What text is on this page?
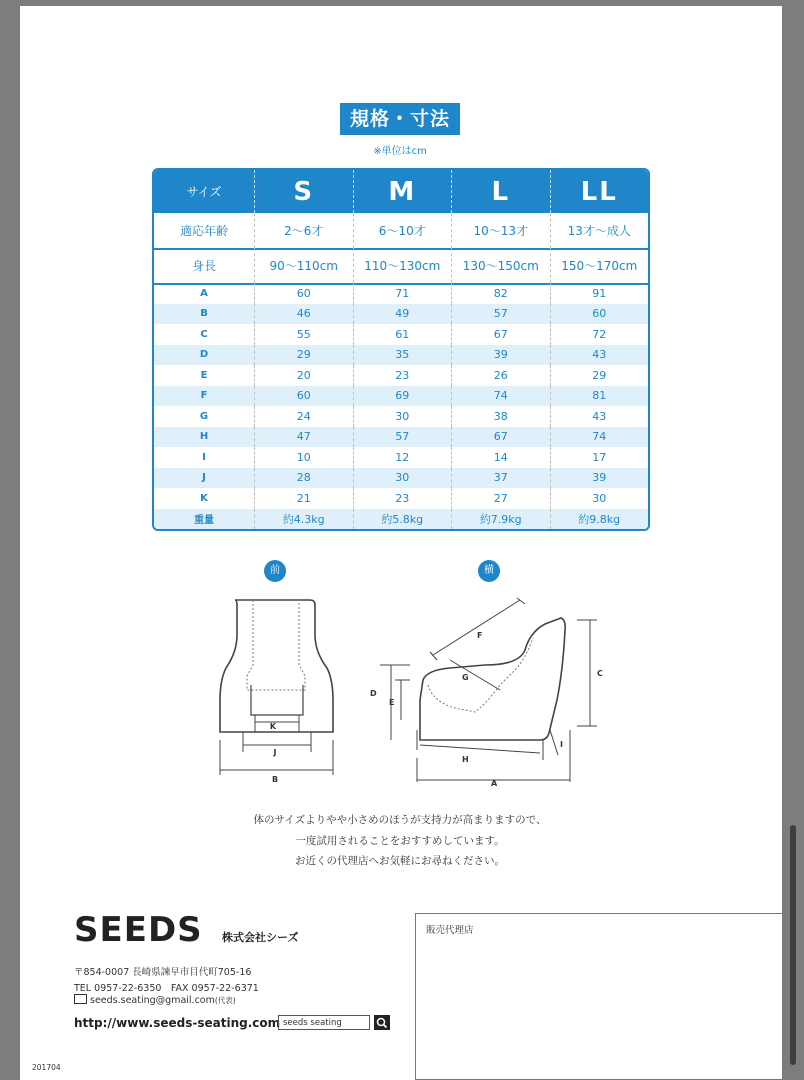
規格・寸法
※単位はcm
サイズ	S	M	L	LL
適応年齢	2〜6才	6〜10才	10〜13才	13才〜成人
身長	90〜110cm	110〜130cm	130〜150cm	150〜170cm
A	60	71	82	91
B	46	49	57	60
C	55	61	67	72
D	29	35	39	43
E	20	23	26	29
F	60	69	74	81
G	24	30	38	43
H	47	57	67	74
I	10	12	14	17
J	28	30	37	39
K	21	23	27	30
重量	約4.3kg	約5.8kg	約7.9kg	約9.8kg
前
K
J
B
横
F
G	C
D
E
H
I
A
体のサイズよりやや小さめのほうが支持力が高まりますので、
一度試用されることをおすすめしています。
お近くの代理店へお気軽にお尋ねください。
SEEDS 株式会社シーズ
〒854-0007 長崎県諫早市目代町705-16
TEL 0957-22-6350　FAX 0957-22-6371
seeds.seating@gmail.com(代表)
http://www.seeds-seating.com seeds seating
販売代理店
201704
